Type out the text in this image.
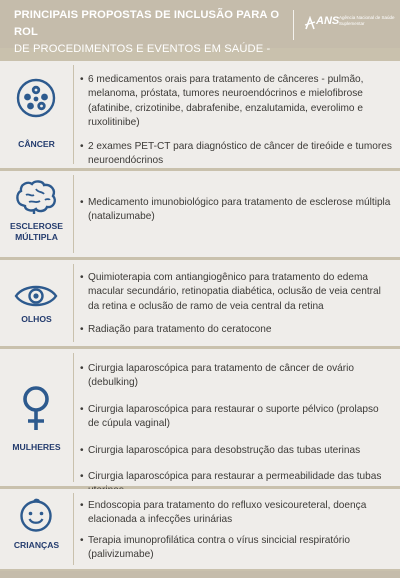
PRINCIPAIS PROPOSTAS DE INCLUSÃO PARA O ROL
DE PROCEDIMENTOS E EVENTOS EM SAÚDE -
ANS Agência Nacional de Saúde Suplementar
CÂNCER
• 6 medicamentos orais para tratamento de cânceres - pulmão, melanoma, próstata, tumores neuroendócrinos e mielofibrose (afatinibe, crizotinibe, dabrafenibe, enzalutamida, everolimo e ruxolitinibe)
• 2 exames PET-CT para diagnóstico de câncer de tireóide e tumores neuroendócrinos
ESCLEROSE MÚLTIPLA
• Medicamento imunobiológico para tratamento de esclerose múltipla (natalizumabe)
OLHOS
• Quimioterapia com antiangiogênico para tratamento do edema macular secundário, retinopatia diabética, oclusão de veia central da retina e oclusão de ramo de veia central da retina
• Radiação para tratamento do ceratocone
MULHERES
• Cirurgia laparoscópica para tratamento de câncer de ovário (debulking)
• Cirurgia laparoscópica para restaurar o suporte pélvico (prolapso de cúpula vaginal)
• Cirurgia laparoscópica para desobstrução das tubas uterinas
• Cirurgia laparoscópica para restaurar a permeabilidade das tubas
CRIANÇAS
• Endoscopia para tratamento do refluxo vesicoureteral, doença elacionada a infecções urinárias
• Terapia imunoprofilática contra o vírus sincicial respiratório (palivizumabe)
